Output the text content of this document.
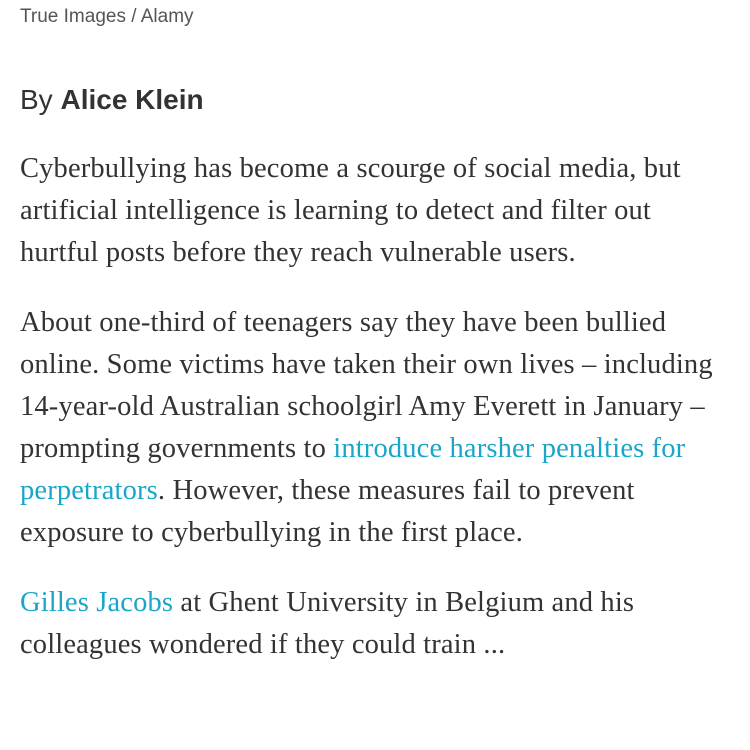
True Images / Alamy
By Alice Klein

Cyberbullying has become a scourge of social media, but artificial intelligence is learning to detect and filter out hurtful posts before they reach vulnerable users.

About one-third of teenagers say they have been bullied online. Some victims have taken their own lives – including 14-year-old Australian schoolgirl Amy Everett in January – prompting governments to introduce harsher penalties for perpetrators. However, these measures fail to prevent exposure to cyberbullying in the first place.

Gilles Jacobs at Ghent University in Belgium and his colleagues wondered if they could train ...
